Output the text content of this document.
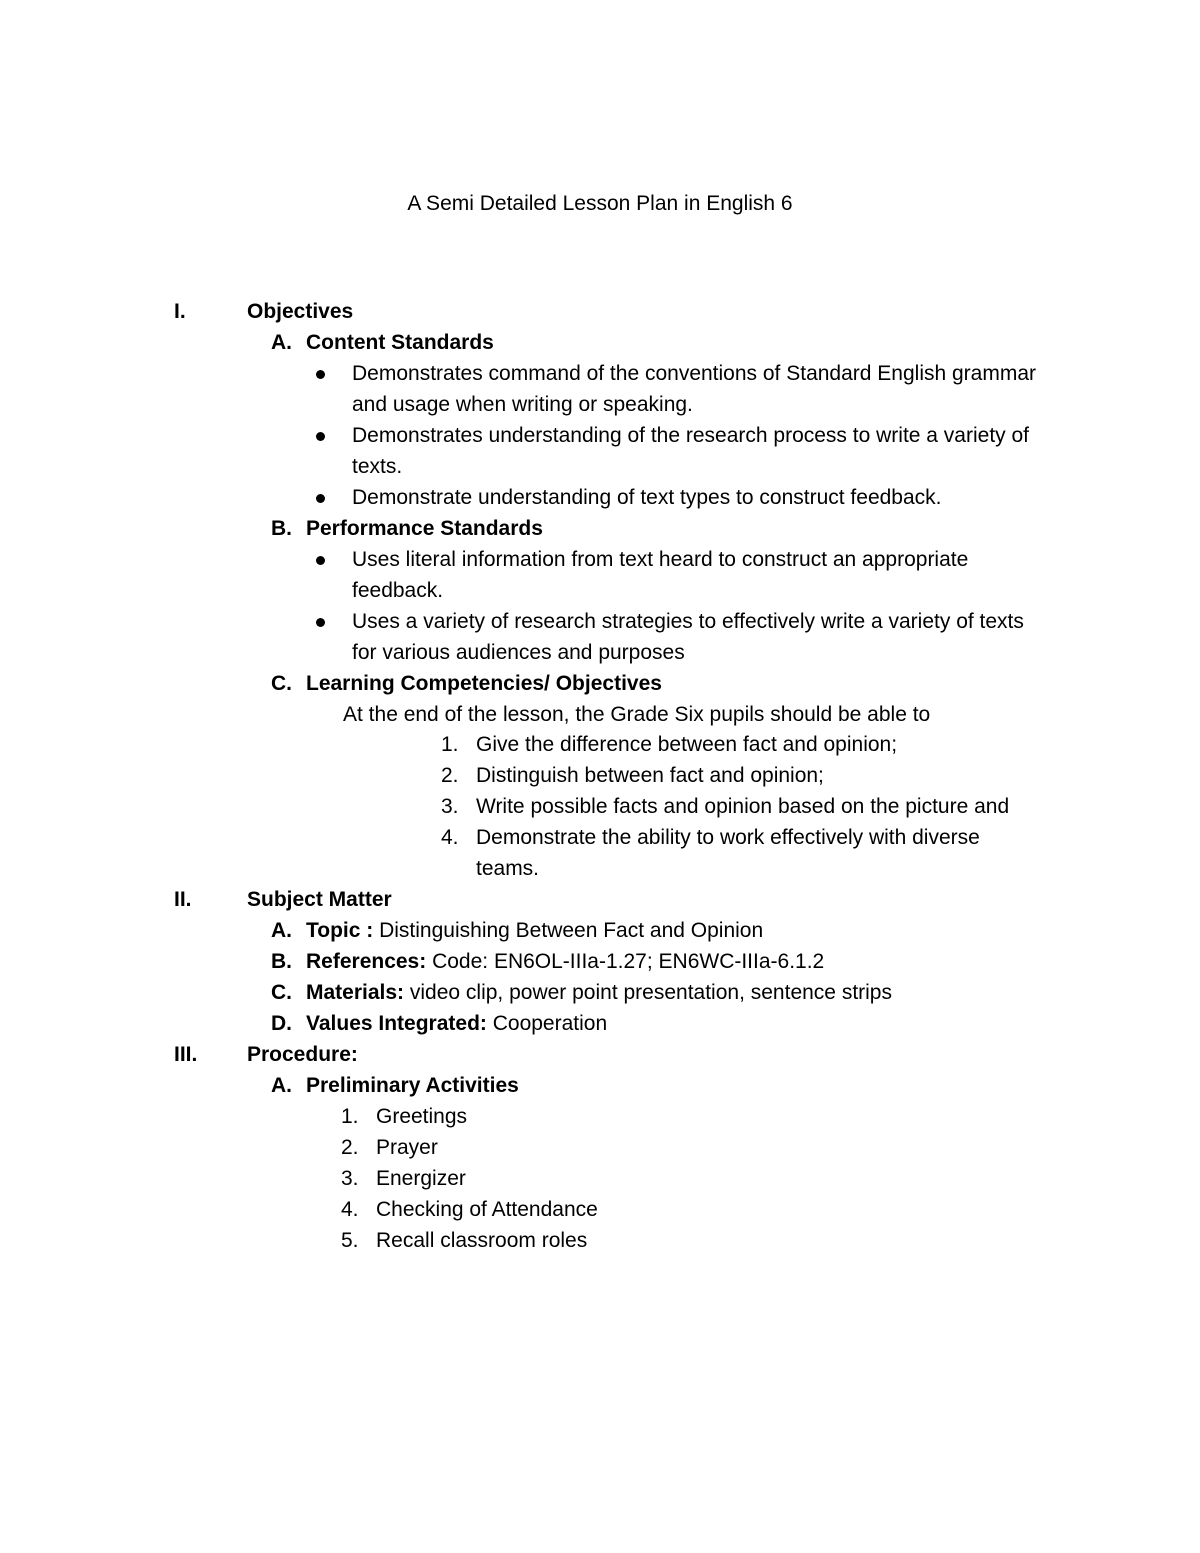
A Semi Detailed Lesson Plan in English 6
I.	Objectives
A. Content Standards
Demonstrates command of the conventions of Standard English grammar
and usage when writing or speaking.
Demonstrates understanding of the research process to write a variety of
texts.
Demonstrate understanding of text types to construct feedback.
B. Performance Standards
Uses literal information from text heard to construct an appropriate
feedback.
Uses a variety of research strategies to effectively write a variety of texts
for various audiences and purposes
C. Learning Competencies/ Objectives
At the end of the lesson, the Grade Six pupils should be able to
1. Give the difference between fact and opinion;
2. Distinguish between fact and opinion;
3. Write possible facts and opinion based on the picture and
4. Demonstrate the ability to work effectively with diverse
teams.
II.	Subject Matter
A. Topic : Distinguishing Between Fact and Opinion
B. References: Code: EN6OL-IIIa-1.27; EN6WC-IIIa-6.1.2
C. Materials: video clip, power point presentation, sentence strips
D. Values Integrated: Cooperation
III. Procedure:
A. Preliminary Activities
1. Greetings
2. Prayer
3. Energizer
4. Checking of Attendance
5. Recall classroom roles
